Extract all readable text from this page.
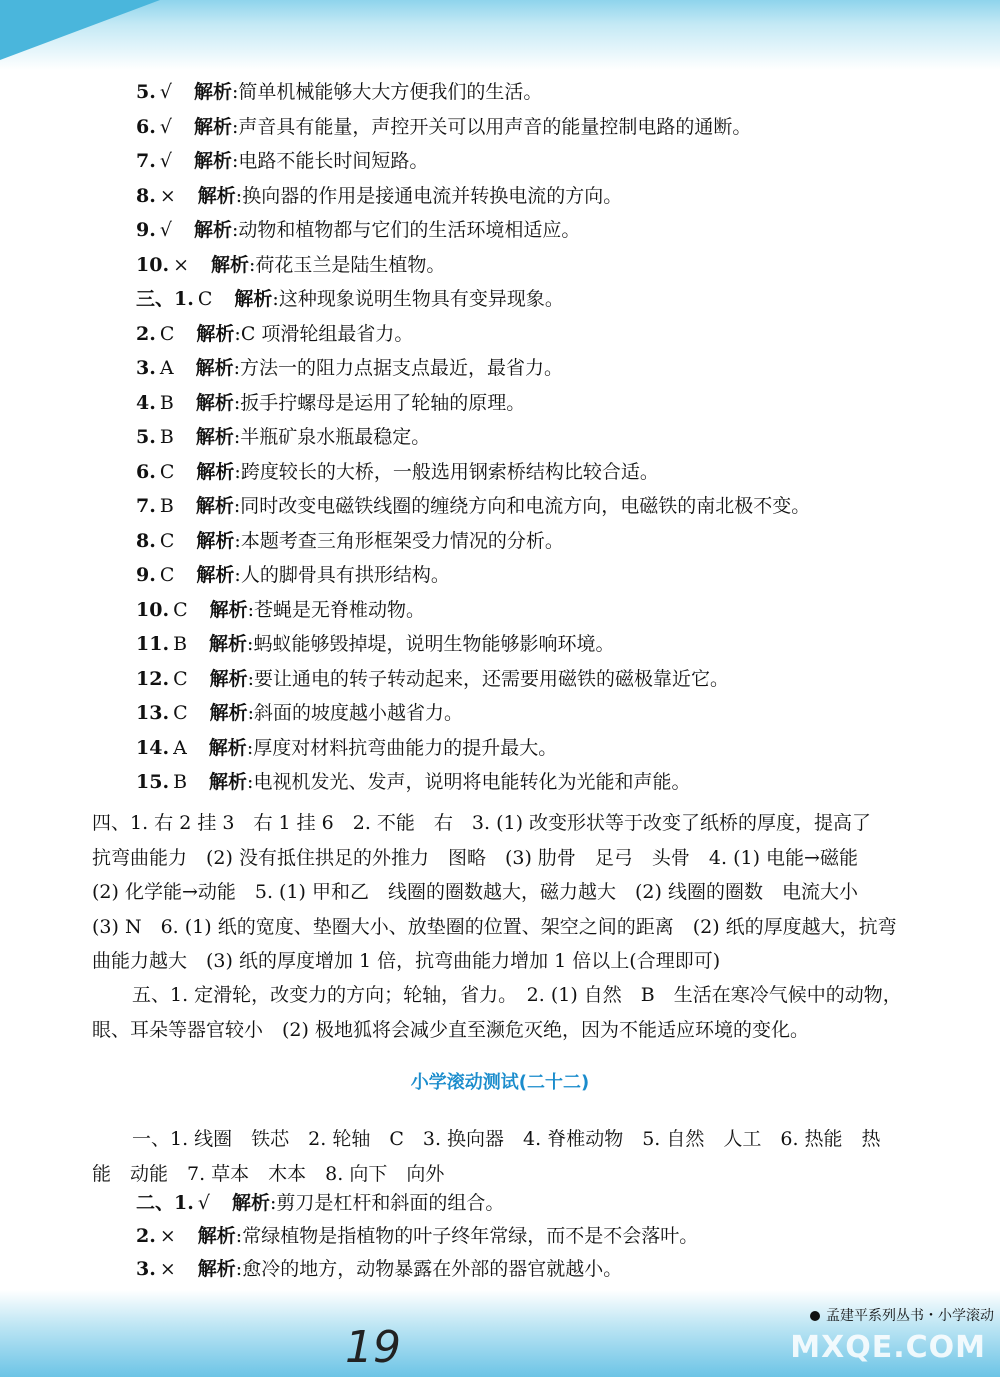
5. √ 解析:简单机械能够大大方便我们的生活。
6. √ 解析:声音具有能量，声控开关可以用声音的能量控制电路的通断。
7. √ 解析:电路不能长时间短路。
8. × 解析:换向器的作用是接通电流并转换电流的方向。
9. √ 解析:动物和植物都与它们的生活环境相适应。
10. × 解析:荷花玉兰是陆生植物。
三、1. C 解析:这种现象说明生物具有变异现象。
2. C 解析:C 项滑轮组最省力。
3. A 解析:方法一的阻力点据支点最近，最省力。
4. B 解析:扳手拧螺母是运用了轮轴的原理。
5. B 解析:半瓶矿泉水瓶最稳定。
6. C 解析:跨度较长的大桥，一般选用钢索桥结构比较合适。
7. B 解析:同时改变电磁铁线圈的缠绕方向和电流方向，电磁铁的南北极不变。
8. C 解析:本题考查三角形框架受力情况的分析。
9. C 解析:人的脚骨具有拱形结构。
10. C 解析:苍蝇是无脊椎动物。
11. B 解析:蚂蚁能够毁掉堤，说明生物能够影响环境。
12. C 解析:要让通电的转子转动起来，还需要用磁铁的磁极靠近它。
13. C 解析:斜面的坡度越小越省力。
14. A 解析:厚度对材料抗弯曲能力的提升最大。
15. B 解析:电视机发光、发声，说明将电能转化为光能和声能。
四、1. 右 2 挂 3　右 1 挂 6　2. 不能　右　3. (1) 改变形状等于改变了纸桥的厚度，提高了
抗弯曲能力　(2) 没有抵住拱足的外推力　图略　(3) 肋骨　足弓　头骨　4. (1) 电能→磁能
(2) 化学能→动能　5. (1) 甲和乙　线圈的圈数越大，磁力越大　(2) 线圈的圈数　电流大小
(3) N　6. (1) 纸的宽度、垫圈大小、放垫圈的位置、架空之间的距离　(2) 纸的厚度越大，抗弯
曲能力越大　(3) 纸的厚度增加 1 倍，抗弯曲能力增加 1 倍以上(合理即可)
五、1. 定滑轮，改变力的方向；轮轴，省力。　2. (1) 自然　B　生活在寒冷气候中的动物，
眼、耳朵等器官较小　(2) 极地狐将会减少直至濒危灭绝，因为不能适应环境的变化。
小学滚动测试(二十二)
一、1. 线圈　铁芯　2. 轮轴　C　3. 换向器　4. 脊椎动物　5. 自然　人工　6. 热能　热
能　动能　7. 草本　木本　8. 向下　向外
二、1. √ 解析:剪刀是杠杆和斜面的组合。
2. × 解析:常绿植物是指植物的叶子终年常绿，而不是不会落叶。
3. × 解析:愈冷的地方，动物暴露在外部的器官就越小。
孟建平系列丛书・小学滚动
19	MXQE.COM
